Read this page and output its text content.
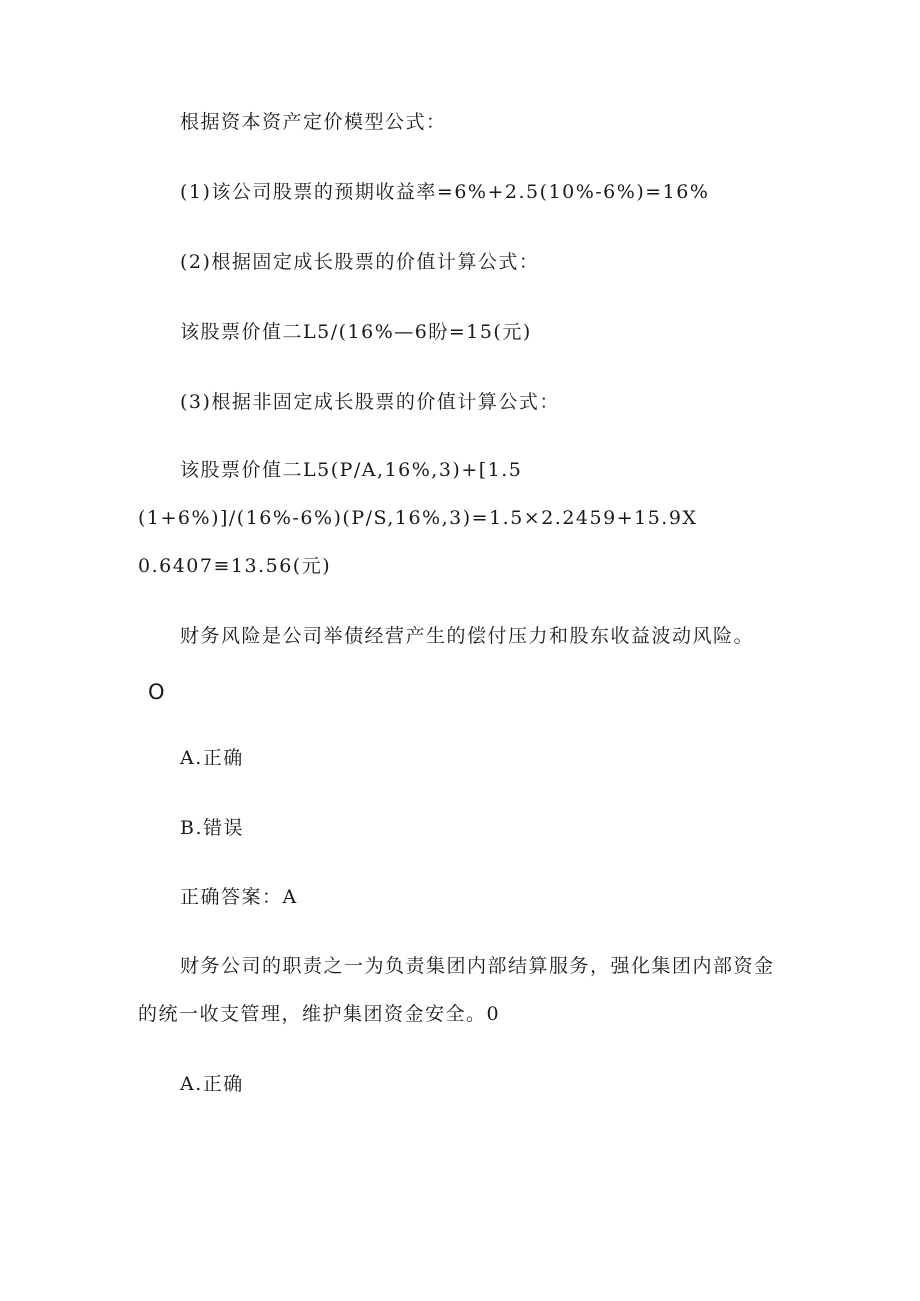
根据资本资产定价模型公式：
(1)该公司股票的预期收益率=6%+2.5(10%-6%)=16%
(2)根据固定成长股票的价值计算公式：
该股票价值二L5/(16%—6盼=15(元)
(3)根据非固定成长股票的价值计算公式：
该股票价值二L5(P/A,16%,3)+[1.5
(1+6%)]/(16%-6%)(P/S,16%,3)=1.5×2.2459+15.9X
0.6407≡13.56(元)
财务风险是公司举债经营产生的偿付压力和股东收益波动风险。
O
A.正确
B.错误
正确答案：A
财务公司的职责之一为负责集团内部结算服务，强化集团内部资金
的统一收支管理，维护集团资金安全。0
A.正确
